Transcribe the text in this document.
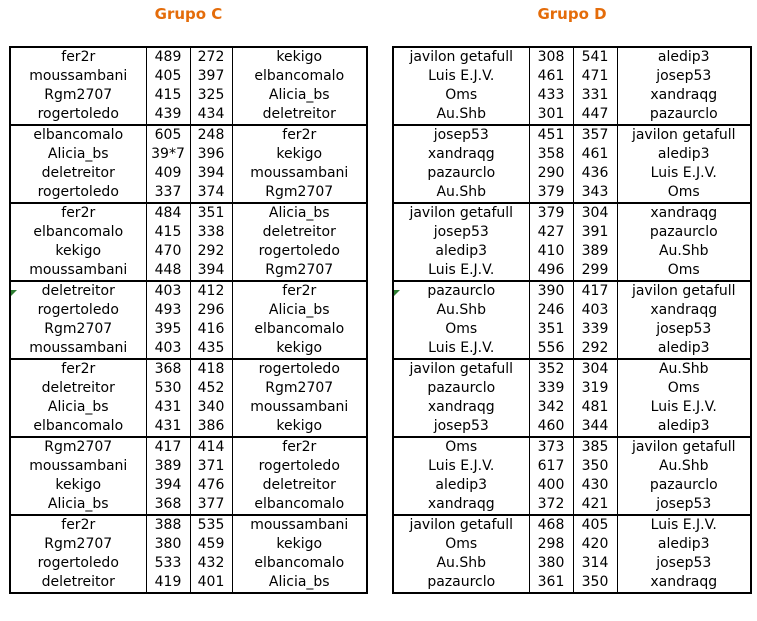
Grupo C
fer2r	489	272	kekigo
moussambani	405	397	elbancomalo
Rgm2707	415	325	Alicia_bs
rogertoledo	439	434	deletreitor
elbancomalo	605	248	fer2r
Alicia_bs	39*7	396	kekigo
deletreitor	409	394	moussambani
rogertoledo	337	374	Rgm2707
fer2r	484	351	Alicia_bs
elbancomalo	415	338	deletreitor
kekigo	470	292	rogertoledo
moussambani	448	394	Rgm2707
deletreitor	403	412	fer2r
rogertoledo	493	296	Alicia_bs
Rgm2707	395	416	elbancomalo
moussambani	403	435	kekigo
fer2r	368	418	rogertoledo
deletreitor	530	452	Rgm2707
Alicia_bs	431	340	moussambani
elbancomalo	431	386	kekigo
Rgm2707	417	414	fer2r
moussambani	389	371	rogertoledo
kekigo	394	476	deletreitor
Alicia_bs	368	377	elbancomalo
fer2r	388	535	moussambani
Rgm2707	380	459	kekigo
rogertoledo	533	432	elbancomalo
deletreitor	419	401	Alicia_bs
Grupo D
javilon getafull	308	541	aledip3
Luis E.J.V.	461	471	josep53
Oms	433	331	xandraqg
Au.Shb	301	447	pazaurclo
josep53	451	357	javilon getafull
xandraqg	358	461	aledip3
pazaurclo	290	436	Luis E.J.V.
Au.Shb	379	343	Oms
javilon getafull	379	304	xandraqg
josep53	427	391	pazaurclo
aledip3	410	389	Au.Shb
Luis E.J.V.	496	299	Oms
pazaurclo	390	417	javilon getafull
Au.Shb	246	403	xandraqg
Oms	351	339	josep53
Luis E.J.V.	556	292	aledip3
javilon getafull	352	304	Au.Shb
pazaurclo	339	319	Oms
xandraqg	342	481	Luis E.J.V.
josep53	460	344	aledip3
Oms	373	385	javilon getafull
Luis E.J.V.	617	350	Au.Shb
aledip3	400	430	pazaurclo
xandraqg	372	421	josep53
javilon getafull	468	405	Luis E.J.V.
Oms	298	420	aledip3
Au.Shb	380	314	josep53
pazaurclo	361	350	xandraqg
